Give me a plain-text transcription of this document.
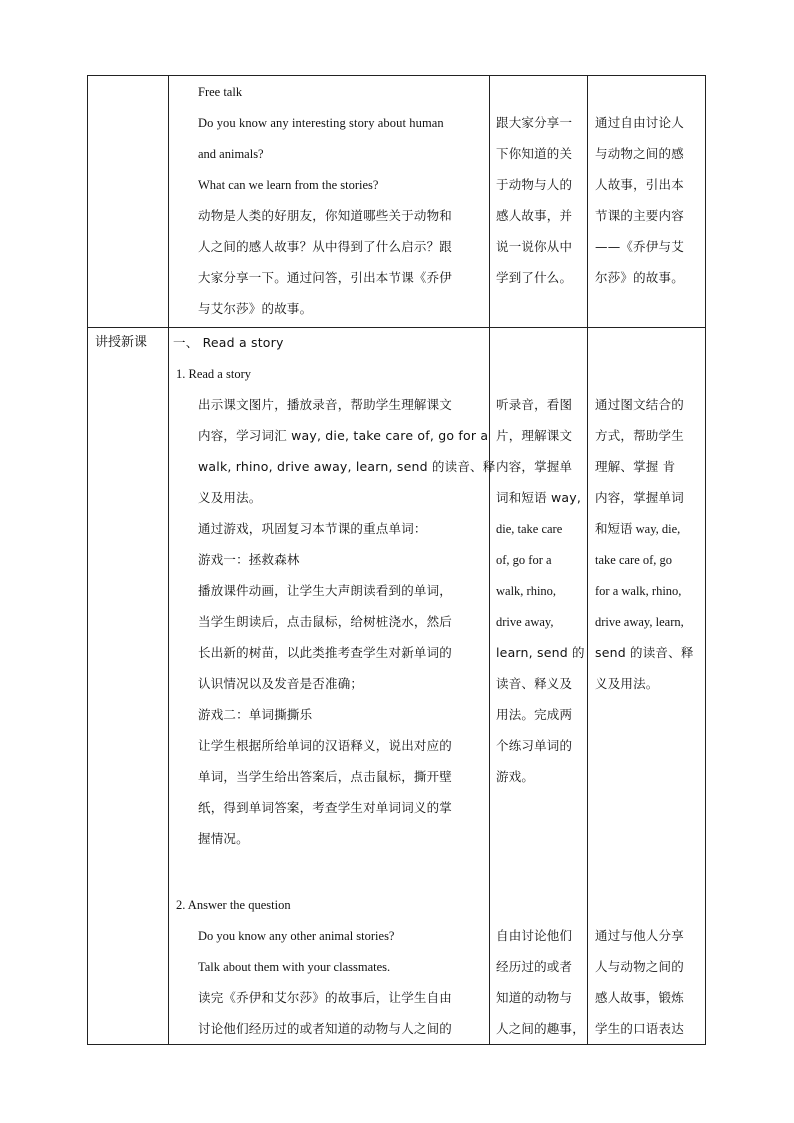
Free talk
Do you know any interesting story about human
and animals?
What can we learn from the stories?
动物是人类的好朋友，你知道哪些关于动物和
人之间的感人故事？从中得到了什么启示？跟
大家分享一下。通过问答，引出本节课《乔伊
与艾尔莎》的故事。
跟大家分享一
下你知道的关
于动物与人的
感人故事，并
说一说你从中
学到了什么。
通过自由讨论人
与动物之间的感
人故事，引出本
节课的主要内容
——《乔伊与艾
尔莎》的故事。
讲授新课 一、 Read a story
1. Read a story
出示课文图片，播放录音，帮助学生理解课文
内容，学习词汇 way, die, take care of, go for a
walk, rhino, drive away, learn, send 的读音、释
义及用法。
通过游戏，巩固复习本节课的重点单词：
游戏一：拯救森林
播放课件动画，让学生大声朗读看到的单词，
当学生朗读后，点击鼠标，给树桩浇水，然后
长出新的树苗，以此类推考查学生对新单词的
认识情况以及发音是否准确；
游戏二：单词撕撕乐
让学生根据所给单词的汉语释义，说出对应的
单词，当学生给出答案后，点击鼠标，撕开壁
纸，得到单词答案，考查学生对单词词义的掌
握情况。
2. Answer the question
Do you know any other animal stories?
Talk about them with your classmates.
读完《乔伊和艾尔莎》的故事后，让学生自由
讨论他们经历过的或者知道的动物与人之间的
听录音，看图
片，理解课文
内容，掌握单
词和短语 way,
die, take care
of, go for a
walk, rhino,
drive away,
learn, send 的
读音、释义及
用法。完成两
个练习单词的
游戏。
自由讨论他们
经历过的或者
知道的动物与
人之间的趣事，
通过图文结合的
方式，帮助学生
理解、掌握 肯
内容，掌握单词
和短语 way, die,
take care of, go
for a walk, rhino,
drive away, learn,
send 的读音、释
义及用法。
通过与他人分享
人与动物之间的
感人故事，锻炼
学生的口语表达
